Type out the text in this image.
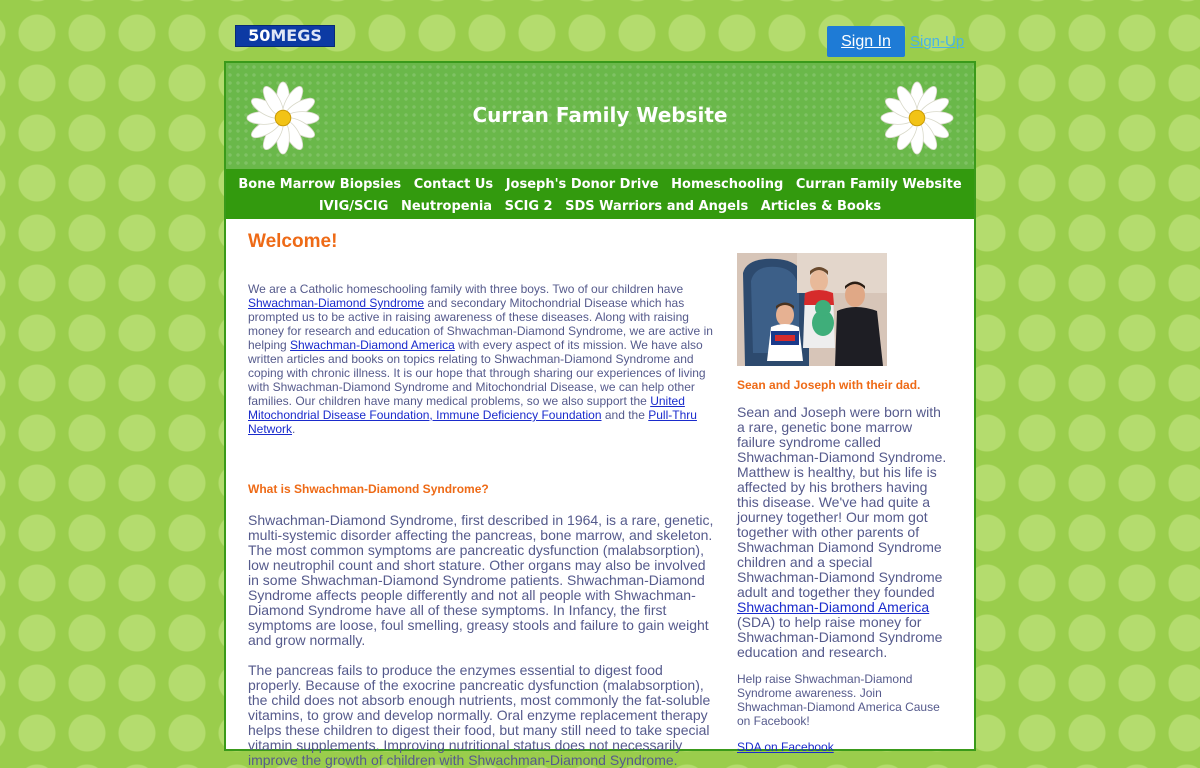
50MEGS	Sign In	Sign-Up
Curran Family Website
Bone Marrow Biopsies Contact Us Joseph's Donor Drive Homeschooling Curran Family Website
IVIG/SCIG Neutropenia SCIG 2 SDS Warriors and Angels Articles & Books
Welcome!

We are a Catholic homeschooling family with three boys. Two of our children have Shwachman-Diamond Syndrome and secondary Mitochondrial Disease which has prompted us to be active in raising awareness of these diseases. Along with raising money for research and education of Shwachman-Diamond Syndrome, we are active in helping Shwachman-Diamond America with every aspect of its mission. We have also written articles and books on topics relating to Shwachman-Diamond Syndrome and coping with chronic illness. It is our hope that through sharing our experiences of living with Shwachman-Diamond Syndrome and Mitochondrial Disease, we can help other families. Our children have many medical problems, so we also support the United Mitochondrial Disease Foundation, Immune Deficiency Foundation and the Pull-Thru Network.

What is Shwachman-Diamond Syndrome?

Shwachman-Diamond Syndrome, first described in 1964, is a rare, genetic, multi-systemic disorder affecting the pancreas, bone marrow, and skeleton. The most common symptoms are pancreatic dysfunction (malabsorption), low neutrophil count and short stature. Other organs may also be involved in some Shwachman-Diamond Syndrome patients. Shwachman-Diamond Syndrome affects people differently and not all people with Shwachman-Diamond Syndrome have all of these symptoms. In Infancy, the first symptoms are loose, foul smelling, greasy stools and failure to gain weight and grow normally.

The pancreas fails to produce the enzymes essential to digest food properly. Because of the exocrine pancreatic dysfunction (malabsorption), the child does not absorb enough nutrients, most commonly the fat-soluble vitamins, to grow and develop normally. Oral enzyme replacement therapy helps these children to digest their food, but many still need to take special vitamin supplements. Improving nutritional status does not necessarily improve the growth of children with Shwachman-Diamond Syndrome.

Sean and Joseph with their dad.

Sean and Joseph were born with a rare, genetic bone marrow failure syndrome called Shwachman-Diamond Syndrome. Matthew is healthy, but his life is affected by his brothers having this disease. We've had quite a journey together! Our mom got together with other parents of Shwachman Diamond Syndrome children and a special Shwachman-Diamond Syndrome adult and together they founded Shwachman-Diamond America (SDA) to help raise money for Shwachman-Diamond Syndrome education and research.

Help raise Shwachman-Diamond Syndrome awareness. Join Shwachman-Diamond America Cause on Facebook!

SDA on Facebook
